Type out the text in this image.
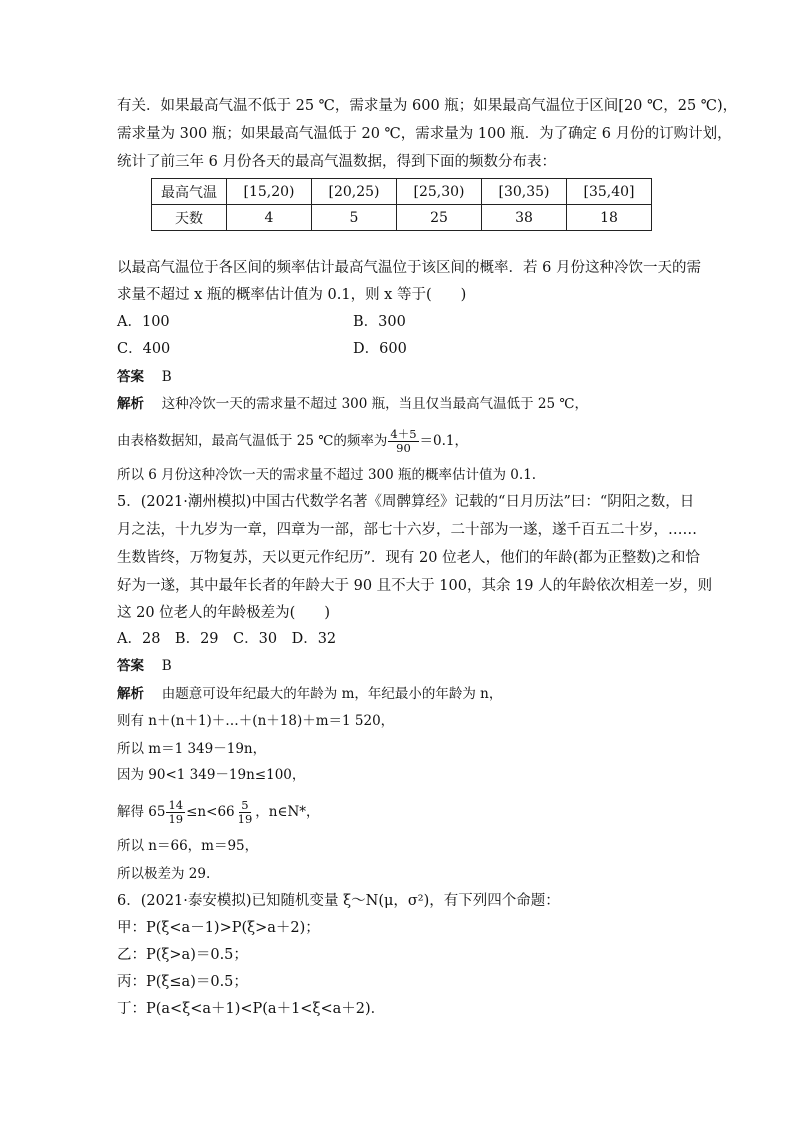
有关．如果最高气温不低于 25 ℃，需求量为 600 瓶；如果最高气温位于区间[20 ℃，25 ℃)，
需求量为 300 瓶；如果最高气温低于 20 ℃，需求量为 100 瓶．为了确定 6 月份的订购计划，
统计了前三年 6 月份各天的最高气温数据，得到下面的频数分布表：
最高气温	[15,20)	[20,25)	[25,30)	[30,35)	[35,40]
天数	4	5	25	38	18
以最高气温位于各区间的频率估计最高气温位于该区间的概率．若 6 月份这种冷饮一天的需
求量不超过 x 瓶的概率估计值为 0.1，则 x 等于(　　)
A．100	B．300
C．400	D．600
答案　 B
解析　 这种冷饮一天的需求量不超过 300 瓶，当且仅当最高气温低于 25 ℃，
由表格数据知，最高气温低于 25 ℃的频率为 $\frac{4+5}{90} =0.1$，
所以 6 月份这种冷饮一天的需求量不超过 300 瓶的概率估计值为 0.1.
5．(2021·潮州模拟)中国古代数学名著《周髀算经》记载的“日月历法”曰：“阴阳之数，日
月之法，十九岁为一章，四章为一部，部七十六岁，二十部为一遂，遂千百五二十岁，……
生数皆终，万物复苏，天以更元作纪历”．现有 20 位老人，他们的年龄(都为正整数)之和恰
好为一遂，其中最年长者的年龄大于 90 且不大于 100，其余 19 人的年龄依次相差一岁，则
这 20 位老人的年龄极差为(　　)
A．28　B．29　C．30　D．32
答案　 B
解析　 由题意可设年纪最大的年龄为 m，年纪最小的年龄为 n，
则有 n＋(n＋1)＋…＋(n＋18)＋m＝1 520，
所以 m＝1 349－19n，
因为 90<1 349－19n≤100，
解得 $65 \frac{14}{19} \le n<66 \frac{5}{19}$ ，n∈N*，
所以 n＝66，m＝95，
所以极差为 29.
6．(2021·泰安模拟)已知随机变量 ξ～N(μ，σ²)，有下列四个命题：
甲：P(ξ<a－1)>P(ξ>a＋2)；
乙：P(ξ>a)＝0.5；
丙：P(ξ≤a)＝0.5；
丁：P(a<ξ<a＋1)<P(a＋1<ξ<a＋2)．
